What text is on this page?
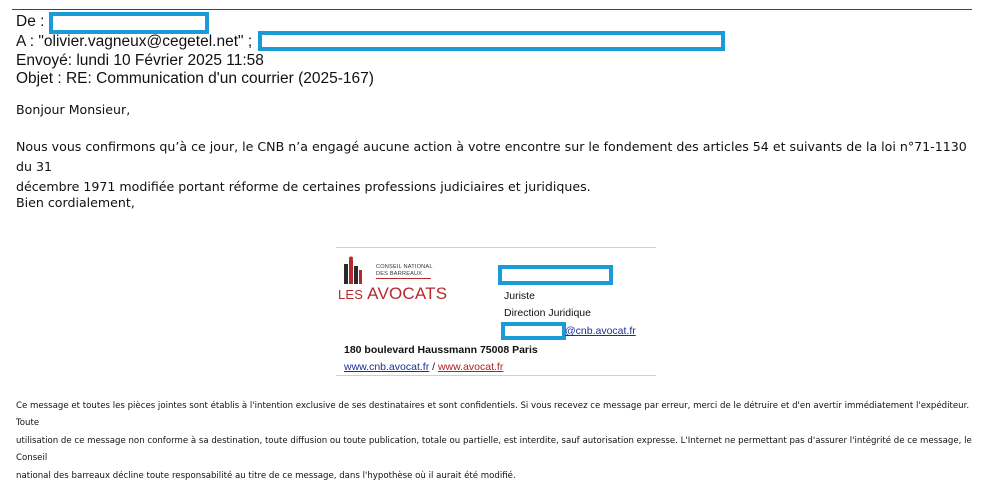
De :
A : "olivier.vagneux@cegetel.net" ;
Envoyé: lundi 10 Février 2025 11:58
Objet : RE: Communication d'un courrier (2025-167)
Bonjour Monsieur,
Nous vous confirmons qu’à ce jour, le CNB n’a engagé aucune action à votre encontre sur le fondement des articles 54 et suivants de la loi n°71-1130 du 31
décembre 1971 modifiée portant réforme de certaines professions judiciaires et juridiques.
Bien cordialement,
CONSEIL NATIONAL
DES BARREAUX
LES AVOCATS	Juriste
Direction Juridique
@cnb.avocat.fr
180 boulevard Haussmann 75008 Paris
www.cnb.avocat.fr / www.avocat.fr
Ce message et toutes les pièces jointes sont établis à l'intention exclusive de ses destinataires et sont confidentiels. Si vous recevez ce message par erreur, merci de le détruire et d'en avertir immédiatement l'expéditeur. Toute
utilisation de ce message non conforme à sa destination, toute diffusion ou toute publication, totale ou partielle, est interdite, sauf autorisation expresse. L'Internet ne permettant pas d'assurer l'intégrité de ce message, le Conseil
national des barreaux décline toute responsabilité au titre de ce message, dans l'hypothèse où il aurait été modifié.
